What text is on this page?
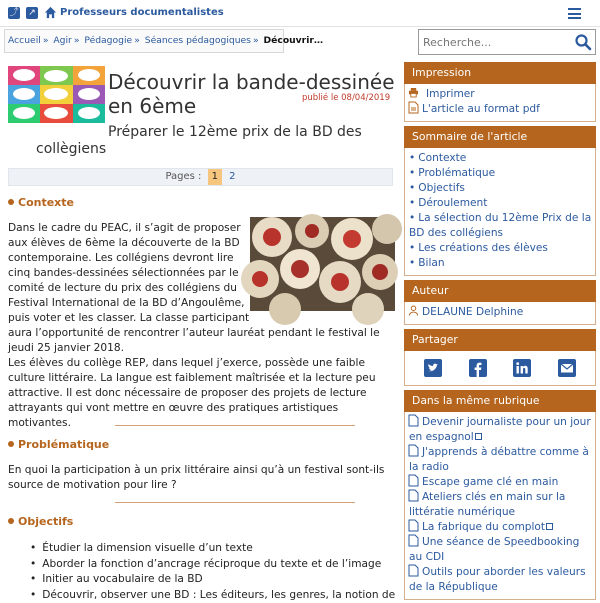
⤴ ↗ Professeurs documentalistes
Accueil » Agir » Pédagogie » Séances pédagogiques » Découvrir…
Recherche...
Découvrir la bande-dessinée en 6ème	publié le 08/04/2019
Préparer le 12ème prix de la BD des collègiens
Pages : 1 2
Contexte
Dans le cadre du PEAC, il s’agit de proposer aux élèves de 6ème la découverte de la BD contemporaine. Les collégiens devront lire cinq bandes-dessinées sélectionnées par le comité de lecture du prix des collégiens du Festival International de la BD d’Angoulême, puis voter et les classer. La classe participant aura l’opportunité de rencontrer l’auteur lauréat pendant le festival le jeudi 25 janvier 2018.
Les élèves du collège REP, dans lequel j’exerce, possède une faible culture littéraire. La langue est faiblement maîtrisée et la lecture peu attractive. Il est donc nécessaire de proposer des projets de lecture attrayants qui vont mettre en œuvre des pratiques artistiques motivantes.
Problématique
En quoi la participation à un prix littéraire ainsi qu’à un festival sont-ils source de motivation pour lire ?
Objectifs
• Étudier la dimension visuelle d’un texte
• Aborder la fonction d’ancrage réciproque du texte et de l’image
• Initier au vocabulaire de la BD
• Découvrir, observer une BD : Les éditeurs, les genres, la notion de
Impression
Imprimer
L'article au format pdf
Sommaire de l'article
• Contexte
• Problématique
• Objectifs
• Déroulement
• La sélection du 12ème Prix de la BD des collégiens
• Les créations des élèves
• Bilan
Auteur
DELAUNE Delphine
Partager
Dans la même rubrique
Devenir journaliste pour un jour en espagnol
J'apprends à débattre comme à la radio
Escape game clé en main
Ateliers clés en main sur la littératie numérique
La fabrique du complot
Une séance de Speedbooking au CDI
Outils pour aborder les valeurs de la République
